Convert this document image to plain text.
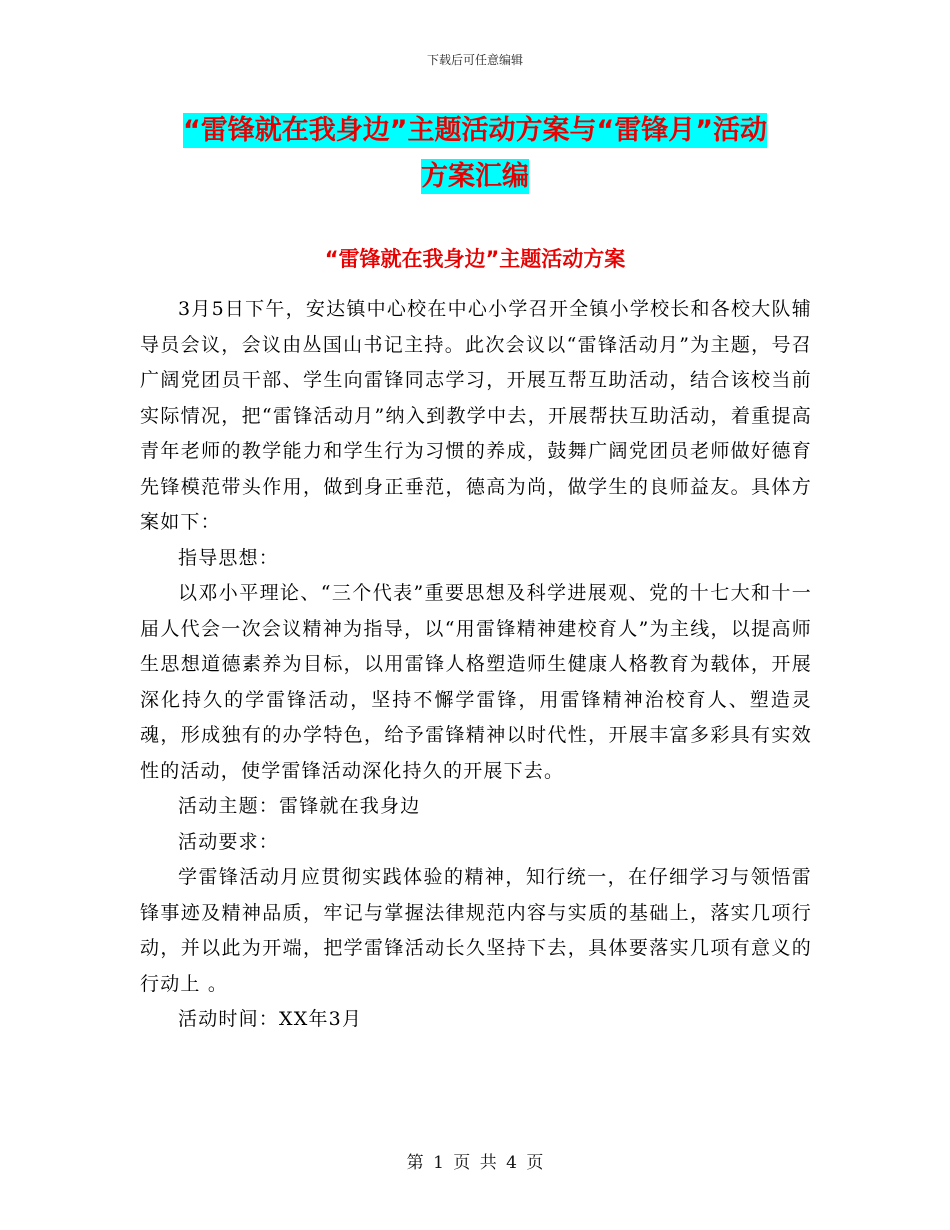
下载后可任意编辑
“雷锋就在我身边”主题活动方案与“雷锋月”活动
方案汇编
“雷锋就在我身边”主题活动方案

3月5日下午，安达镇中心校在中心小学召开全镇小学校长和各校大队辅导员会议，会议由丛国山书记主持。此次会议以“雷锋活动月”为主题，号召广阔党团员干部、学生向雷锋同志学习，开展互帮互助活动，结合该校当前实际情况，把“雷锋活动月”纳入到教学中去，开展帮扶互助活动，着重提高青年老师的教学能力和学生行为习惯的养成，鼓舞广阔党团员老师做好德育先锋模范带头作用，做到身正垂范，德高为尚，做学生的良师益友。具体方案如下：

指导思想：

以邓小平理论、“三个代表”重要思想及科学进展观、党的十七大和十一届人代会一次会议精神为指导，以“用雷锋精神建校育人”为主线，以提高师生思想道德素养为目标，以用雷锋人格塑造师生健康人格教育为载体，开展深化持久的学雷锋活动，坚持不懈学雷锋，用雷锋精神治校育人、塑造灵魂，形成独有的办学特色，给予雷锋精神以时代性，开展丰富多彩具有实效性的活动，使学雷锋活动深化持久的开展下去。

活动主题：雷锋就在我身边

活动要求：

学雷锋活动月应贯彻实践体验的精神，知行统一，在仔细学习与领悟雷锋事迹及精神品质，牢记与掌握法律规范内容与实质的基础上，落实几项行动，并以此为开端，把学雷锋活动长久坚持下去，具体要落实几项有意义的行动上 。

活动时间：XX年3月

第 1 页 共 4 页
